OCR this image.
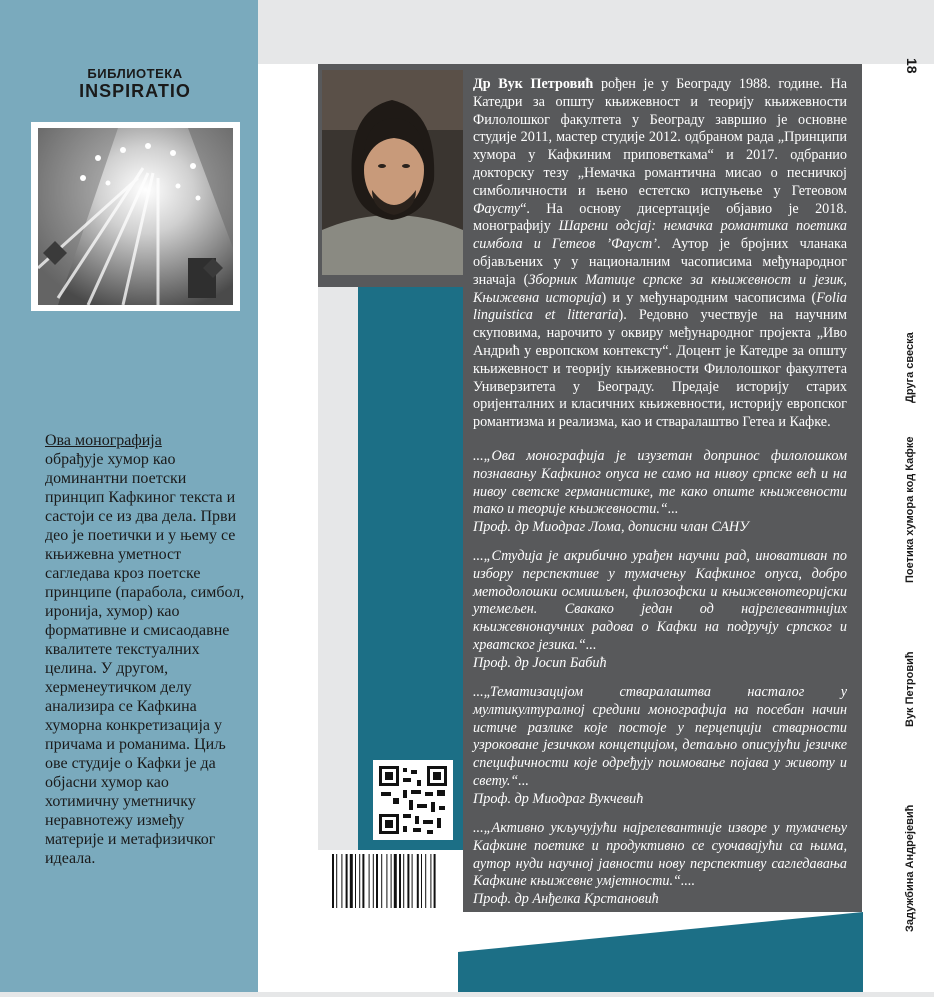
БИБЛИОТЕКА
INSPIRATIO
Ова монографија
обрађује хумор као доминантни поетски принцип Кафкиног текста и састоји се из два дела. Први део је поетички и у њему се књижевна уметност сагледава кроз поетске принципе (парабола, симбол, иронија, хумор) као формативне и смисаодавне квалитете текстуалних целина. У другом, херменеутичком делу анализира се Кафкина хуморна конкретизација у причама и романима. Циљ ове студије о Кафки је да објасни хумор као хотимичну уметничку неравнотежу између материје и метафизичког идеала.
Др Вук Петровић рођен је у Београду 1988. године. На Катедри за општу књижевност и теорију књижевности Филолошког факултета у Београду завршио је основне студије 2011, мастер студије 2012. одбраном рада „Принципи хумора у Кафкиним приповеткама“ и 2017. одбранио докторску тезу „Немачка романтична мисао о песничкој симболичности и њено естетско испуњење у Гетеовом Фаусту“. На основу дисертације објавио је 2018. монографију Шарени одсјај: немачка романтика поетика симбола и Гетеов ’Фауст’. Аутор је бројних чланака објављених у у националним часописима међународног значаја (Зборник Матице српске за књижевност и језик, Књижевна историја) и у међународним часописима (Folia linguistica et litteraria). Редовно учествује на научним скуповима, нарочито у оквиру међународног пројекта „Иво Андрић у европском контексту“. Доцент је Катедре за општу књижевност и теорију књижевности Филолошког факултета Универзитета у Београду. Предаје историју старих оријенталних и класичних књижевности, историју европског романтизма и реализма, као и стваралаштво Гетеа и Кафке.
...„Ова монографија је изузетан допринос филолошком познавању Кафкиног опуса не само на нивоу српске већ и на нивоу светске германистике, те како опште књижевности тако и теорије књижевности.“...
Проф. др Миодраг Лома, дописни члан САНУ
...„Студија је акрибично урађен научни рад, иновативан по избору перспективе у тумачењу Кафкиног опуса, добро методолошки осмишљен, филозофски и књижевнотеоријски утемељен. Свакако један од најрелевантнијих књижевнонаучних радова о Кафки на подручју српског и хрватског језика.“...
Проф. др Јосип Бабић
...„Тематизацијом стваралаштва насталог у мултикултуралној средини монографија на посебан начин истиче разлике које постоје у перцепцији стварности узроковане језичком концепцијом, детаљно описујући језичке специфичности које одређују поимовање појава у животу и свету.“...
Проф. др Миодраг Вукчевић
...„Активно укључујући најрелевантније изворе у тумачењу Кафкине поетике и продуктивно се суочавајући са њима, аутор нуди научној јавности нову перспективу сагледавања Кафкине књижевне умјетности.“....
Проф. др Анђелка Крстановић
18
Друга свеска
Поетика хумора код Кафке
Вук Петровић
Задужбина Андрејевић
